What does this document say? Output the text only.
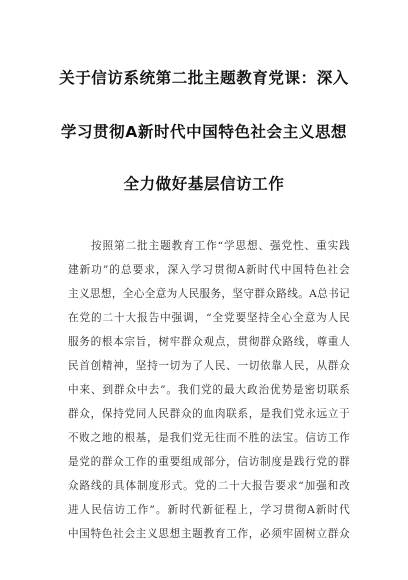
关于信访系统第二批主题教育党课：深入
学习贯彻A新时代中国特色社会主义思想
全力做好基层信访工作
按照第二批主题教育工作“学思想、强党性、重实践
建新功”的总要求，深入学习贯彻A新时代中国特色社会
主义思想，全心全意为人民服务，坚守群众路线。A总书记
在党的二十大报告中强调，“全党要坚持全心全意为人民
服务的根本宗旨，树牢群众观点，贯彻群众路线，尊重人
民首创精神，坚持一切为了人民、一切依靠人民，从群众
中来、到群众中去”。我们党的最大政治优势是密切联系
群众，保持党同人民群众的血肉联系，是我们党永远立于
不败之地的根基，是我们党无往而不胜的法宝。信访工作
是党的群众工作的重要组成部分，信访制度是践行党的群
众路线的具体制度形式。党的二十大报告要求“加强和改
进人民信访工作”。新时代新征程上，学习贯彻A新时代
中国特色社会主义思想主题教育工作，必须牢固树立群众
